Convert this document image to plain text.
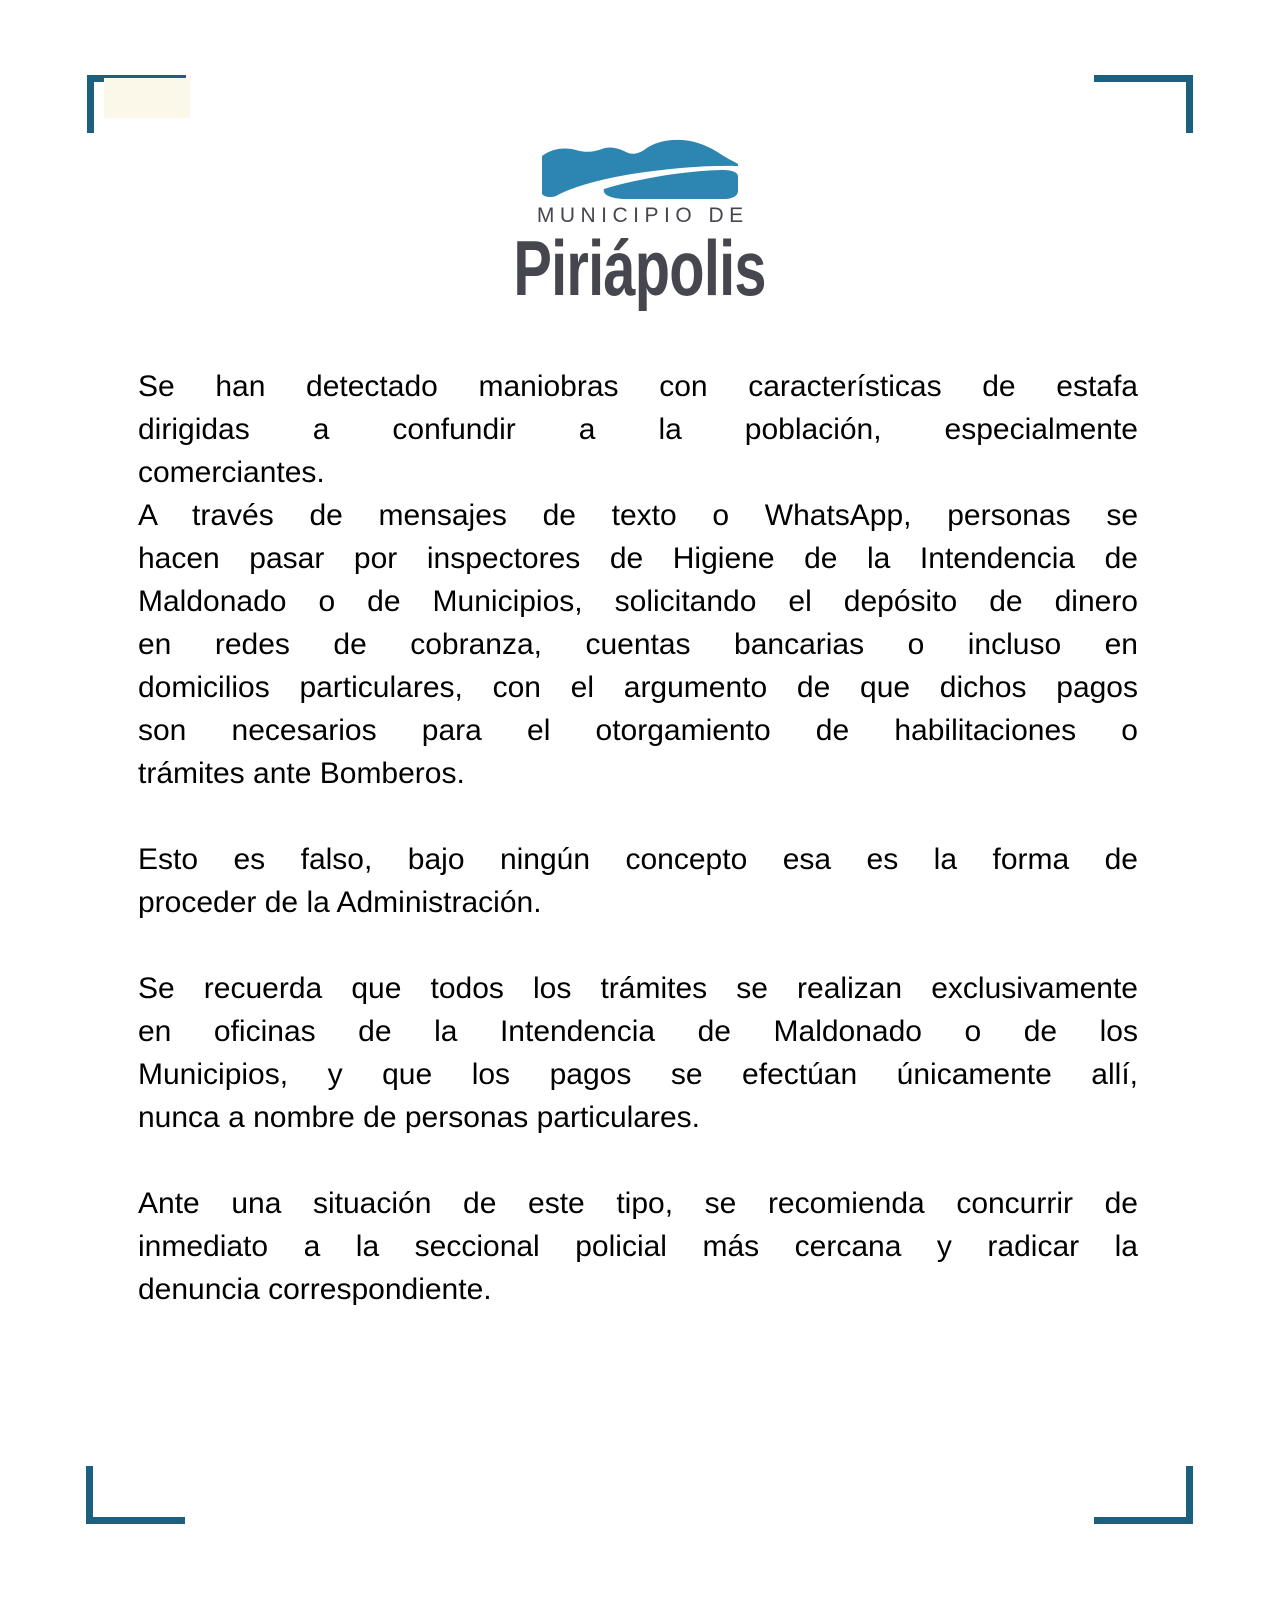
MUNICIPIO DE
Piriápolis
Se han detectado maniobras con características de estafa
dirigidas a confundir a la población, especialmente
comerciantes.
A través de mensajes de texto o WhatsApp, personas se
hacen pasar por inspectores de Higiene de la Intendencia de
Maldonado o de Municipios, solicitando el depósito de dinero
en redes de cobranza, cuentas bancarias o incluso en
domicilios particulares, con el argumento de que dichos pagos
son necesarios para el otorgamiento de habilitaciones o
trámites ante Bomberos.
Esto es falso, bajo ningún concepto esa es la forma de
proceder de la Administración.
Se recuerda que todos los trámites se realizan exclusivamente
en oficinas de la Intendencia de Maldonado o de los
Municipios, y que los pagos se efectúan únicamente allí,
nunca a nombre de personas particulares.
Ante una situación de este tipo, se recomienda concurrir de
inmediato a la seccional policial más cercana y radicar la
denuncia correspondiente.
